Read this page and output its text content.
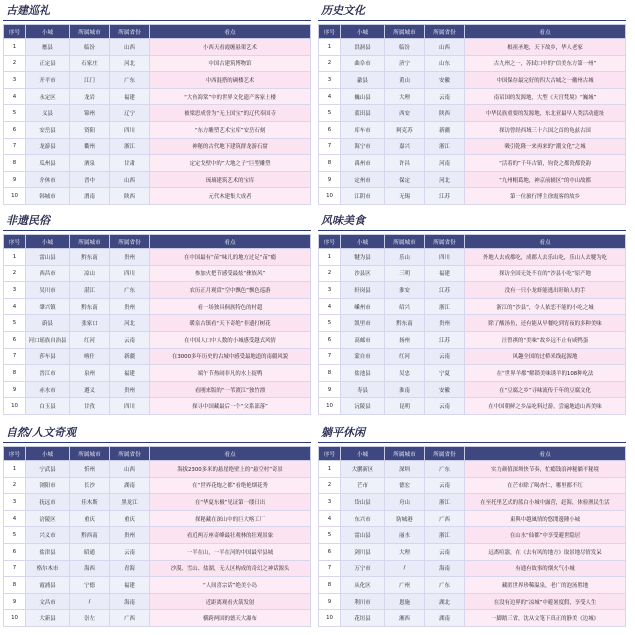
古建巡礼
序号	小城	所属城市	所属省份	看点
1	應县	临汾	山西	小西天看霞缠悬架艺术
2	正定县	石家庄	河北	中国古建筑博物馆
3	开平市	江门	广东	中西混搭的碉楼艺术
4	永定区	龙岩	福建	“大鱼海棠”中的世界文化遗产客家土楼
5	义县	锦州	辽宁	被梁思成誉为“无上国宝”的辽代奉国寺
6	安岳县	资阳	四川	“东方雕塑艺术宝库”安岳石刻
7	龙游县	衢州	浙江	神秘的古代地下建筑群龙游石窟
8	瓜州县	酒泉	甘肃	定定戈壁中的“大地之子”巨型雕塑
9	介休市	晋中	山西	琉璃建筑艺术的宝库
10	韩城市	渭南	陕西	元代木建集大成者
历史文化
序号	小城	所属城市	所属省份	看点
1	洪洞县	临汾	山西	根祖圣地，天下故乡，华人老家
2	曲阜市	济宁	山东	古九州之一，苏轼口中的“信美东方第一州”
3	歙县	黄山	安徽	中国保存最完好的四大古城之一徽州古城
4	巍山县	大理	云南	南诏国的发源地，大型《天宫梵境》“巍城”
5	蓝田县	西安	陕西	中华民族重要的发源地，东北亚最早人类活动遗址
6	库车市	阿克苏	新疆	探访曾经西域三十六国之首的龟兹古国
7	海宁市	嘉兴	浙江	吸引乾隆一来再来的“潮文化”之城
8	禹州市	许昌	河南	“活着的”千年古镇，钧瓷之都瓷都瓷韵
9	定州市	保定	河北	“九州帽葛地，神京前辅区”的中山故都
10	江阴市	无锡	江苏	第一位旅行博主徐霞客的故乡
非遗民俗
序号	小城	所属城市	所属省份	看点
1	雷山县	黔东南	贵州	在中国最有“苗”味儿的地方过足“苗”瘾
2	西昌市	凉山	四川	参加火把节感受最炫“彝族风”
3	吴川市	湛江	广东	农历正月观赏“空中飘色”飘色巡游
4	肇兴镇	黔东南	贵州	看一场独具侗族特色的村超
5	蔚县	张家口	河北	暖泉古镇看“天下奇绝”非遗打树花
6	河口瑶族自治县	红河	云南	在中国人口中人数的小城感受越式风情
7	莎车县	喀什	新疆	在3000多年历史的古城中感受最地道的南疆风貌
8	晋江市	泉州	福建	端午节热闹非凡的水上捉鸭
9	赤水市	遵义	贵州	看刚来版的“一苇渡江”独竹漂
10	白玉县	甘孜	四川	探寻中国藏最后一个“父系部落”
风味美食
序号	小城	所属城市	所属省份	看点
1	犍为县	乐山	四川	外地人去成都吃，成都人去乐山吃，乐山人去犍为吃
2	沙县区	三明	福建	探访全国无处不在的“沙县小吃”原产地
3	轩岗县	淮安	江苏	没有一只小龙虾能逃出盱眙人的手
4	嵊州市	绍兴	浙江	浙江的“沙县”，令人依恋不能的小吃之城
5	凯里市	黔东南	贵州	除了酸汤鱼，还有能从早餐吃到宵夜的多种美味
6	高邮市	扬州	江苏	汪曾祺的“美味”故乡远不止有咸鸭蛋
7	蒙自市	红河	云南	风趣全国的过桥米线起源地
8	盐池县	吴忠	宁夏	在“世界羊都”解锁美味诱羊的108种吃法
9	寿县	淮南	安徽	在“豆腐之乡”寻味流传千年的豆腐文化
10	沅陵县	昆明	云南	在中国朝鲜之乡品吃料过游，尝遍地道山西美味
自然/人文奇观
序号	小城	所属城市	所属省份	看点
1	宁武县	忻州	山西	海拔2300多米的悬崖绝壁上的“悬空村”奇景
2	浏阳市	长沙	湖南	在“世界花炮之都”看绝艳烟花秀
3	抚远市	佳木斯	黑龙江	在“华夏东极”见证第一缕日出
4	涪陵区	重庆	重庆	探秘藏在深山中的巨大喀工厂
5	兴义市	黔西南	贵州	看近两万座奇峰最壮观林的壮观景象
6	盐津县	昭通	云南	一半在山，一半在河的中国最窄县城
7	格尔木市	海西	青海	沙漠、雪山、盐湖，无人区构成的奇幻之神话源头
8	霞浦县	宁德	福建	“人间喜宗话”绝美小岛
9	文昌市	/	海南	近距离观看火箭发射
10	大新县	崇左	广西	横跨两国的德天大瀑布
躺平休闲
序号	小城	所属城市	所属省份	看点
1	大鹏新区	深圳	广东	实力颜值深圳快节奏，忙瘾钱浪神秘躺平秘境
2	芒市	德宏	云南	在芒市除了喝杏仁，哪里都不红
3	岱山县	舟山	浙江	在至托里艺式的蓝白小城中露营，赶海，体验渔民生活
4	东兴市	防城港	广西	東與中越風情的悠閒邊陲小城
5	雷山县	丽水	浙江	在山水“仙都”中享受避世隐居
6	剑川县	大理	云南	远离喧嚣，在《去有风的地方》取景地尽情发呆
7	万宁市	/	海南	有通有故事的烟火气小城
8	从化区	广州	广东	藏匿世界珍稀温泉，老广的泡汤胜地
9	利川市	恩施	湖北	在没有边界的“凉城”中避暑度假，享受人生
10	花垣县	湘西	湖南	一脚踏三省，沈从文笔下真正的静美《边城》
